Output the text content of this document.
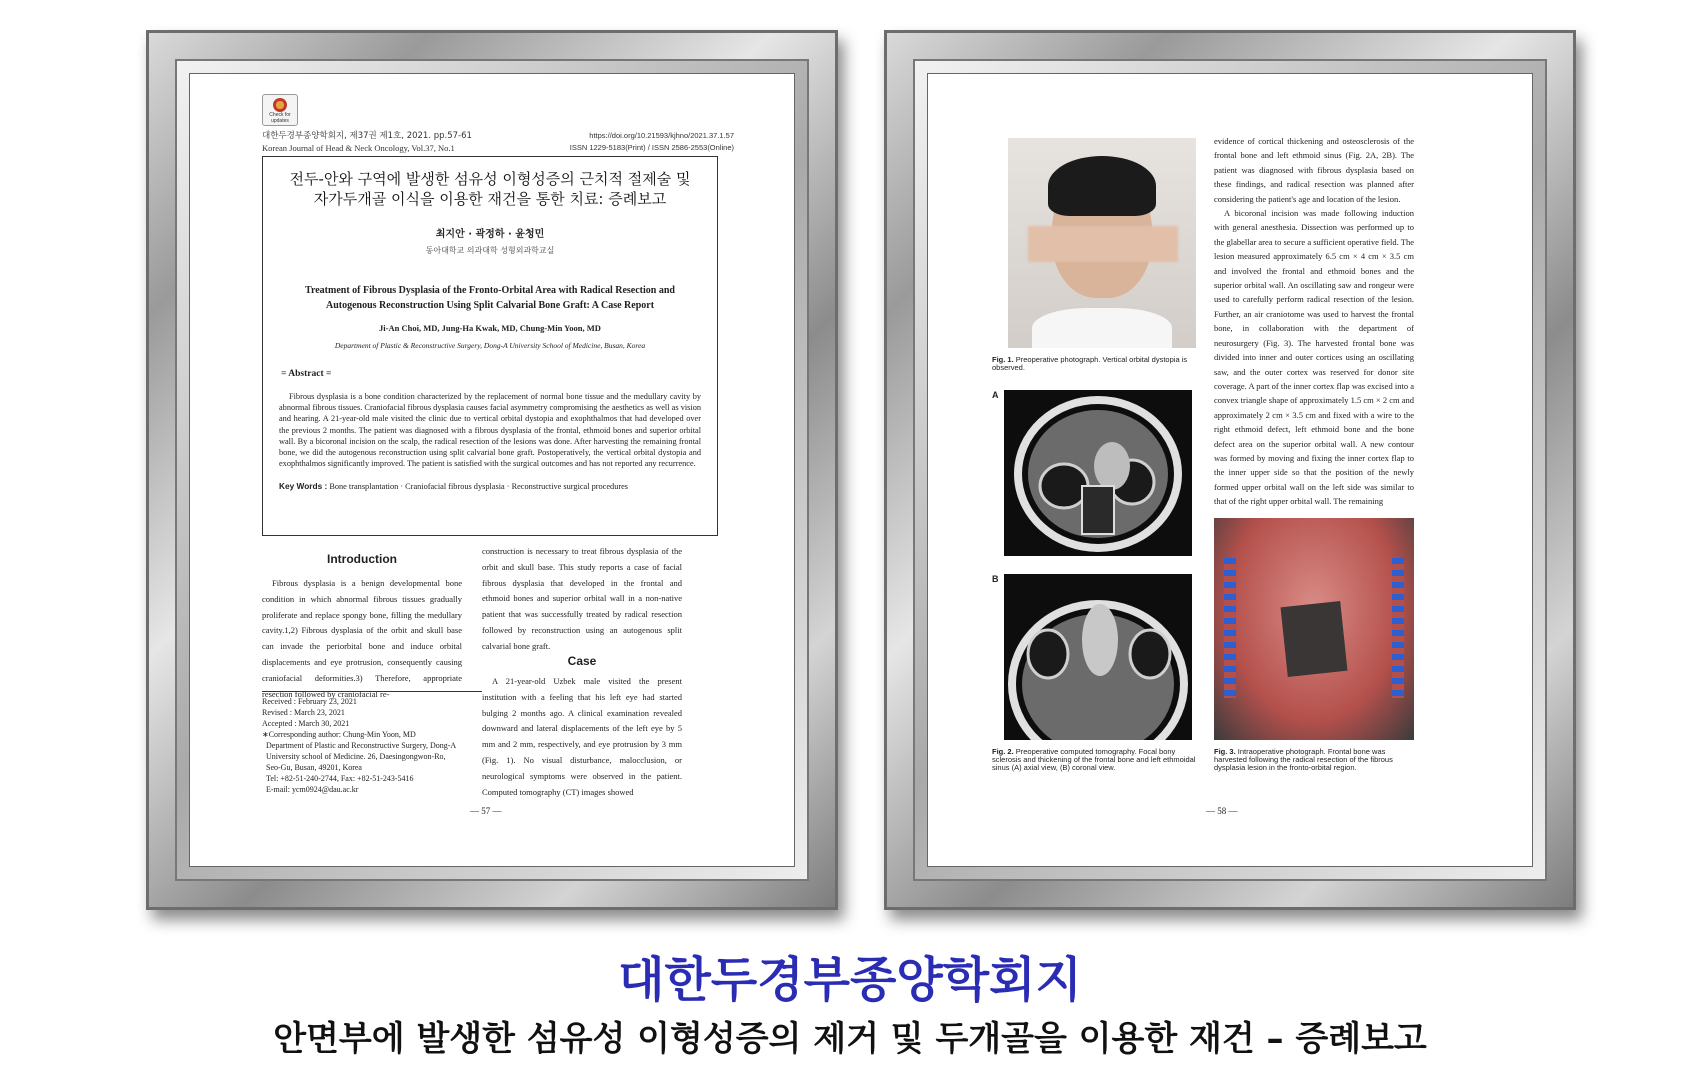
Check for
updates
대한두경부종양학회지, 제37권 제1호, 2021. pp.57-61
Korean Journal of Head & Neck Oncology, Vol.37, No.1
https://doi.org/10.21593/kjhno/2021.37.1.57
ISSN 1229-5183(Print) / ISSN 2586-2553(Online)
전두-안와 구역에 발생한 섬유성 이형성증의 근치적 절제술 및
자가두개골 이식을 이용한 재건을 통한 치료: 증례보고
최지안 · 곽정하 · 윤청민
동아대학교 의과대학 성형외과학교실
Treatment of Fibrous Dysplasia of the Fronto-Orbital Area with Radical Resection and
Autogenous Reconstruction Using Split Calvarial Bone Graft: A Case Report
Ji-An Choi, MD, Jung-Ha Kwak, MD, Chung-Min Yoon, MD
Department of Plastic & Reconstructive Surgery, Dong-A University School of Medicine, Busan, Korea
= Abstract =
Fibrous dysplasia is a bone condition characterized by the replacement of normal bone tissue and the medullary cavity by abnormal fibrous tissues. Craniofacial fibrous dysplasia causes facial asymmetry compromising the aesthetics as well as vision and hearing. A 21-year-old male visited the clinic due to vertical orbital dystopia and exophthalmos that had developed over the previous 2 months. The patient was diagnosed with a fibrous dysplasia of the frontal, ethmoid bones and superior orbital wall. By a bicoronal incision on the scalp, the radical resection of the lesions was done. After harvesting the remaining frontal bone, we did the autogenous reconstruction using split calvarial bone graft. Postoperatively, the vertical orbital dystopia and exophthalmos significantly improved. The patient is satisfied with the surgical outcomes and has not reported any recurrence.
Key Words : Bone transplantation · Craniofacial fibrous dysplasia · Reconstructive surgical procedures
Introduction
Fibrous dysplasia is a benign developmental bone condition in which abnormal fibrous tissues gradually proliferate and replace spongy bone, filling the medullary cavity.1,2) Fibrous dysplasia of the orbit and skull base can invade the periorbital bone and induce orbital displacements and eye protrusion, consequently causing craniofacial deformities.3) Therefore, appropriate resection followed by craniofacial re-
construction is necessary to treat fibrous dysplasia of the orbit and skull base. This study reports a case of facial fibrous dysplasia that developed in the frontal and ethmoid bones and superior orbital wall in a non-native patient that was successfully treated by radical resection followed by reconstruction using an autogenous split calvarial bone graft.
Case
A 21-year-old Uzbek male visited the present institution with a feeling that his left eye had started bulging 2 months ago. A clinical examination revealed downward and lateral displacements of the left eye by 5 mm and 2 mm, respectively, and eye protrusion by 3 mm (Fig. 1). No visual disturbance, malocclusion, or neurological symptoms were observed in the patient. Computed tomography (CT) images showed
Received : February 23, 2021
Revised : March 23, 2021
Accepted : March 30, 2021
∗Corresponding author: Chung-Min Yoon, MD
Department of Plastic and Reconstructive Surgery, Dong-A
University school of Medicine. 26, Daesingongwon-Ro,
Seo-Gu, Busan, 49201, Korea
Tel: +82-51-240-2744, Fax: +82-51-243-5416
E-mail: ycm0924@dau.ac.kr
— 57 —
Fig. 1. Preoperative photograph. Vertical orbital dystopia is observed.
A
B
Fig. 2. Preoperative computed tomography. Focal bony sclerosis and thickening of the frontal bone and left ethmoidal sinus (A) axial view, (B) coronal view.
evidence of cortical thickening and osteosclerosis of the frontal bone and left ethmoid sinus (Fig. 2A, 2B). The patient was diagnosed with fibrous dysplasia based on these findings, and radical resection was planned after considering the patient's age and location of the lesion.
A bicoronal incision was made following induction with general anesthesia. Dissection was performed up to the glabellar area to secure a sufficient operative field. The lesion measured approximately 6.5 cm × 4 cm × 3.5 cm and involved the frontal and ethmoid bones and the superior orbital wall. An oscillating saw and rongeur were used to carefully perform radical resection of the lesion. Further, an air craniotome was used to harvest the frontal bone, in collaboration with the department of neurosurgery (Fig. 3). The harvested frontal bone was divided into inner and outer cortices using an oscillating saw, and the outer cortex was reserved for donor site coverage. A part of the inner cortex flap was excised into a convex triangle shape of approximately 1.5 cm × 2 cm and approximately 2 cm × 3.5 cm and fixed with a wire to the right ethmoid defect, left ethmoid bone and the bone defect area on the superior orbital wall. A new contour was formed by moving and fixing the inner cortex flap to the inner upper side so that the position of the newly formed upper orbital wall on the left side was similar to that of the right upper orbital wall. The remaining
Fig. 3. Intraoperative photograph. Frontal bone was harvested following the radical resection of the fibrous dysplasia lesion in the fronto-orbital region.
— 58 —
대한두경부종양학회지
안면부에 발생한 섬유성 이형성증의 제거 및 두개골을 이용한 재건 – 증례보고
